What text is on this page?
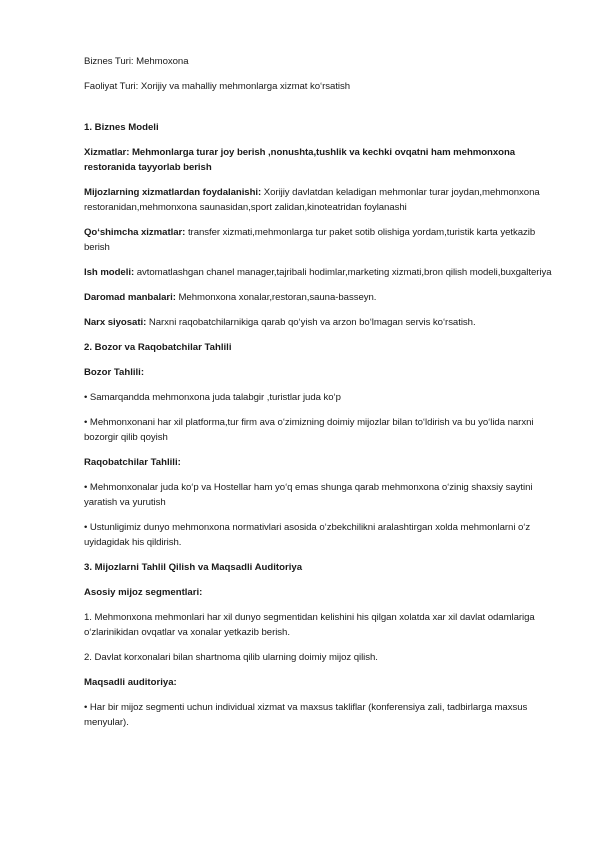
Biznes Turi: Mehmoxona

Faoliyat Turi: Xorijiy va mahalliy mehmonlarga xizmat ko‘rsatish

1. Biznes Modeli

Xizmatlar: Mehmonlarga turar joy berish ,nonushta,tushlik va kechki ovqatni ham mehmonxona restoranida tayyorlab berish

Mijozlarning xizmatlardan foydalanishi: Xorijiy davlatdan keladigan mehmonlar turar joydan,mehmonxona restoranidan,mehmonxona saunasidan,sport zalidan,kinoteatridan foylanashi

Qo‘shimcha xizmatlar: transfer xizmati,mehmonlarga tur paket sotib olishiga yordam,turistik karta yetkazib berish

Ish modeli: avtomatlashgan chanel manager,tajribali hodimlar,marketing xizmati,bron qilish modeli,buxgalteriya

Daromad manbalari: Mehmonxona xonalar,restoran,sauna-basseyn.

Narx siyosati: Narxni raqobatchilarnikiga qarab qo‘yish va arzon bo‘lmagan servis ko‘rsatish.

2. Bozor va Raqobatchilar Tahlili

Bozor Tahlili:

• Samarqandda mehmonxona juda talabgir ,turistlar juda ko‘p

• Mehmonxonani har xil platforma,tur firm ava o‘zimizning doimiy mijozlar bilan to‘ldirish va bu yo‘lida narxni bozorgir qilib qoyish

Raqobatchilar Tahlili:

• Mehmonxonalar juda ko‘p va Hostellar ham yo‘q emas shunga qarab mehmonxona o‘zinig shaxsiy saytini yaratish va yurutish

• Ustunligimiz dunyo mehmonxona normativlari asosida o‘zbekchilikni aralashtirgan xolda mehmonlarni o‘z uyidagidak his qildirish.

3. Mijozlarni Tahlil Qilish va Maqsadli Auditoriya

Asosiy mijoz segmentlari:

1. Mehmonxona mehmonlari har xil dunyo segmentidan kelishini his qilgan xolatda xar xil davlat odamlariga o‘zlarinikidan ovqatlar va xonalar yetkazib berish.

2. Davlat korxonalari bilan shartnoma qilib ularning doimiy mijoz qilish.

Maqsadli auditoriya:

• Har bir mijoz segmenti uchun individual xizmat va maxsus takliflar (konferensiya zali, tadbirlarga maxsus menyular).
